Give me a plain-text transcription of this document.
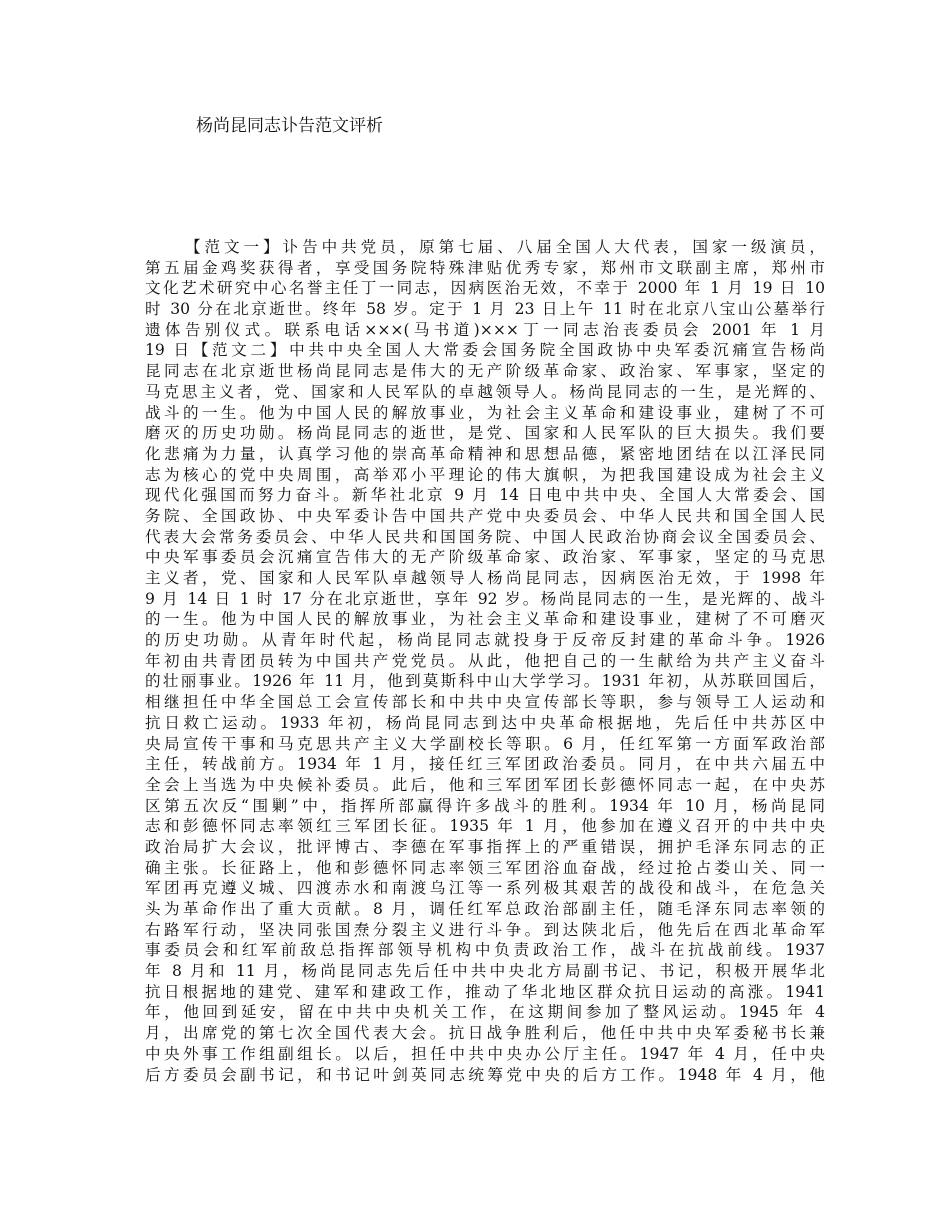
杨尚昆同志讣告范文评析
【范文一】讣告中共党员，原第七届、八届全国人大代表，国家一级演员，
第五届金鸡奖获得者，享受国务院特殊津贴优秀专家，郑州市文联副主席，郑州市
文化艺术研究中心名誉主任丁一同志，因病医治无效，不幸于 2000 年 1 月 19 日 10
时 30 分在北京逝世。终年 58 岁。定于 1 月 23 日上午 11 时在北京八宝山公墓举行
遗体告别仪式。联系电话×××(马书道)×××丁一同志治丧委员会 2001 年 1 月
19 日【范文二】中共中央全国人大常委会国务院全国政协中央军委沉痛宣告杨尚
昆同志在北京逝世杨尚昆同志是伟大的无产阶级革命家、政治家、军事家，坚定的
马克思主义者，党、国家和人民军队的卓越领导人。杨尚昆同志的一生，是光辉的、
战斗的一生。他为中国人民的解放事业，为社会主义革命和建设事业，建树了不可
磨灭的历史功勋。杨尚昆同志的逝世，是党、国家和人民军队的巨大损失。我们要
化悲痛为力量，认真学习他的崇高革命精神和思想品德，紧密地团结在以江泽民同
志为核心的党中央周围，高举邓小平理论的伟大旗帜，为把我国建设成为社会主义
现代化强国而努力奋斗。新华社北京 9 月 14 日电中共中央、全国人大常委会、国
务院、全国政协、中央军委讣告中国共产党中央委员会、中华人民共和国全国人民
代表大会常务委员会、中华人民共和国国务院、中国人民政治协商会议全国委员会、
中央军事委员会沉痛宣告伟大的无产阶级革命家、政治家、军事家，坚定的马克思
主义者，党、国家和人民军队卓越领导人杨尚昆同志，因病医治无效，于 1998 年
9 月 14 日 1 时 17 分在北京逝世，享年 92 岁。杨尚昆同志的一生，是光辉的、战斗
的一生。他为中国人民的解放事业，为社会主义革命和建设事业，建树了不可磨灭
的历史功勋。从青年时代起，杨尚昆同志就投身于反帝反封建的革命斗争。1926
年初由共青团员转为中国共产党党员。从此，他把自己的一生献给为共产主义奋斗
的壮丽事业。1926 年 11 月，他到莫斯科中山大学学习。1931 年初，从苏联回国后，
相继担任中华全国总工会宣传部长和中共中央宣传部长等职，参与领导工人运动和
抗日救亡运动。1933 年初，杨尚昆同志到达中央革命根据地，先后任中共苏区中
央局宣传干事和马克思共产主义大学副校长等职。6 月，任红军第一方面军政治部
主任，转战前方。1934 年 1 月，接任红三军团政治委员。同月，在中共六届五中
全会上当选为中央候补委员。此后，他和三军团军团长彭德怀同志一起，在中央苏
区第五次反“围剿”中，指挥所部赢得许多战斗的胜利。1934 年 10 月，杨尚昆同
志和彭德怀同志率领红三军团长征。1935 年 1 月，他参加在遵义召开的中共中央
政治局扩大会议，批评博古、李德在军事指挥上的严重错误，拥护毛泽东同志的正
确主张。长征路上，他和彭德怀同志率领三军团浴血奋战，经过抢占娄山关、同一
军团再克遵义城、四渡赤水和南渡乌江等一系列极其艰苦的战役和战斗，在危急关
头为革命作出了重大贡献。8 月，调任红军总政治部副主任，随毛泽东同志率领的
右路军行动，坚决同张国焘分裂主义进行斗争。到达陕北后，他先后在西北革命军
事委员会和红军前敌总指挥部领导机构中负责政治工作，战斗在抗战前线。1937
年 8 月和 11 月，杨尚昆同志先后任中共中央北方局副书记、书记，积极开展华北
抗日根据地的建党、建军和建政工作，推动了华北地区群众抗日运动的高涨。1941
年，他回到延安，留在中共中央机关工作，在这期间参加了整风运动。1945 年 4
月，出席党的第七次全国代表大会。抗日战争胜利后，他任中共中央军委秘书长兼
中央外事工作组副组长。以后，担任中共中央办公厅主任。1947 年 4 月，任中央
后方委员会副书记，和书记叶剑英同志统筹党中央的后方工作。1948 年 4 月，他
